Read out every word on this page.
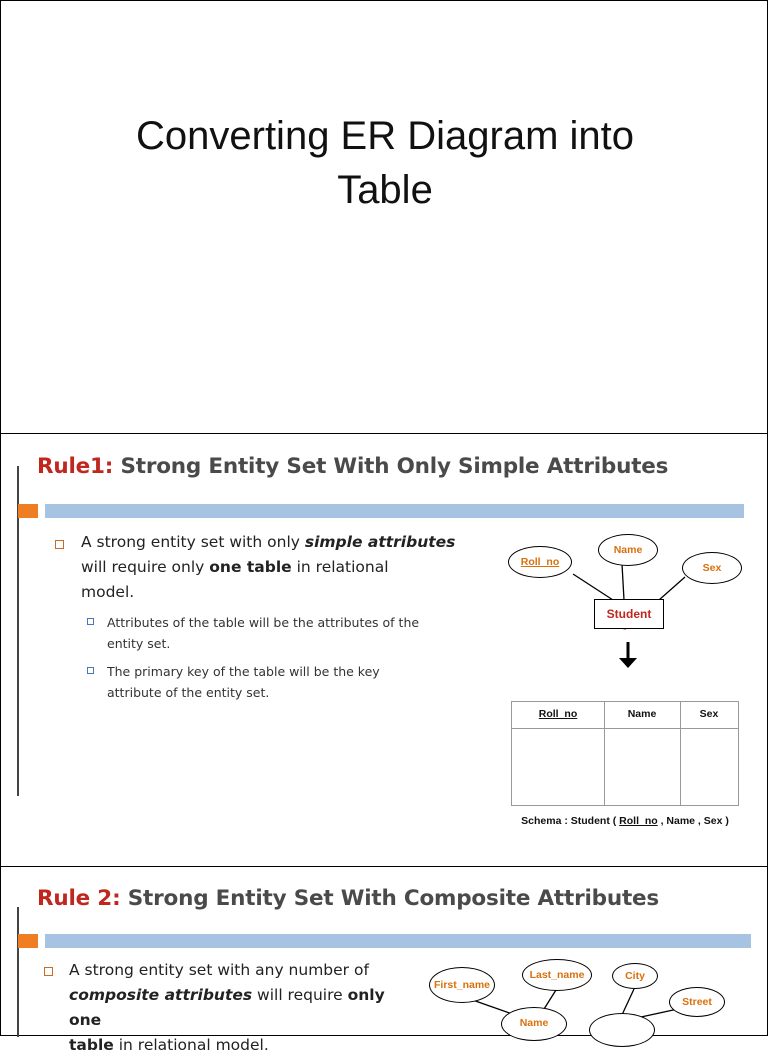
Converting ER Diagram into
Table
Rule1: Strong Entity Set With Only Simple Attributes
A strong entity set with only simple attributes
will require only one table in relational
model.
Attributes of the table will be the attributes of the
entity set.
The primary key of the table will be the key
attribute of the entity set.
Roll_no
Name
Sex
Student
Roll_no	Name	Sex
Schema : Student ( Roll_no , Name , Sex )
Rule 2: Strong Entity Set With Composite Attributes
A strong entity set with any number of
composite attributes will require only one
table in relational model.
First_name
Last_name	City
Street
Name
